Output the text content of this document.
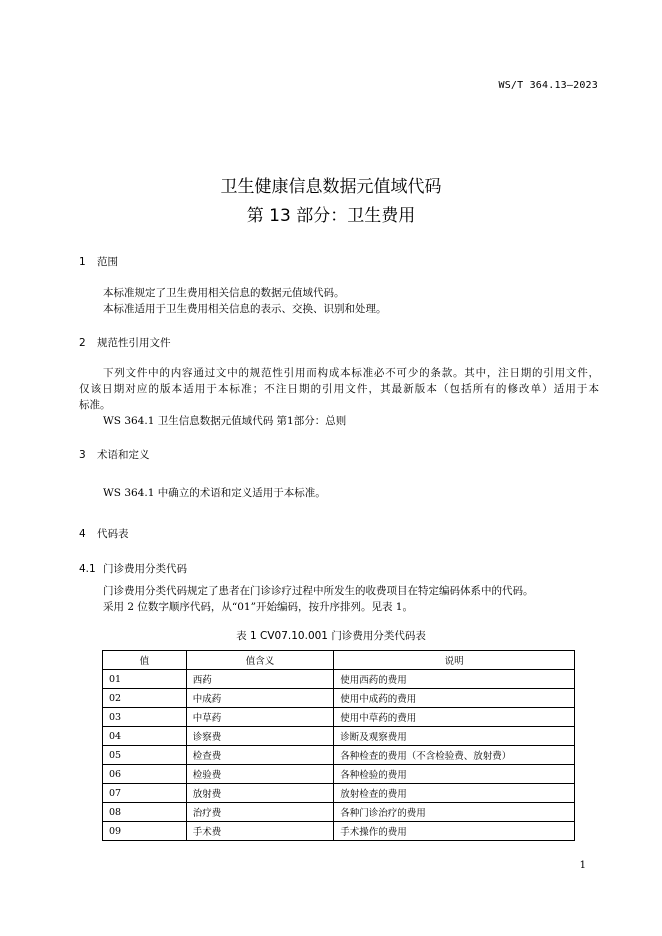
WS/T 364.13—2023
卫生健康信息数据元值域代码
第 13 部分：卫生费用
1 范围
本标准规定了卫生费用相关信息的数据元值域代码。
本标准适用于卫生费用相关信息的表示、交换、识别和处理。
2 规范性引用文件
下列文件中的内容通过文中的规范性引用而构成本标准必不可少的条款。其中，注日期的引用文件，
仅该日期对应的版本适用于本标准；不注日期的引用文件，其最新版本（包括所有的修改单）适用于本
标准。
WS 364.1 卫生信息数据元值域代码 第1部分：总则
3 术语和定义
WS 364.1 中确立的术语和定义适用于本标准。
4 代码表
4.1 门诊费用分类代码
门诊费用分类代码规定了患者在门诊诊疗过程中所发生的收费项目在特定编码体系中的代码。
采用 2 位数字顺序代码，从“01”开始编码，按升序排列。见表 1。
表 1 CV07.10.001 门诊费用分类代码表
值	值含义	说明
01	西药	使用西药的费用
02	中成药	使用中成药的费用
03	中草药	使用中草药的费用
04	诊察费	诊断及观察费用
05	检查费	各种检查的费用（不含检验费、放射费）
06	检验费	各种检验的费用
07	放射费	放射检查的费用
08	治疗费	各种门诊治疗的费用
09	手术费	手术操作的费用
1
